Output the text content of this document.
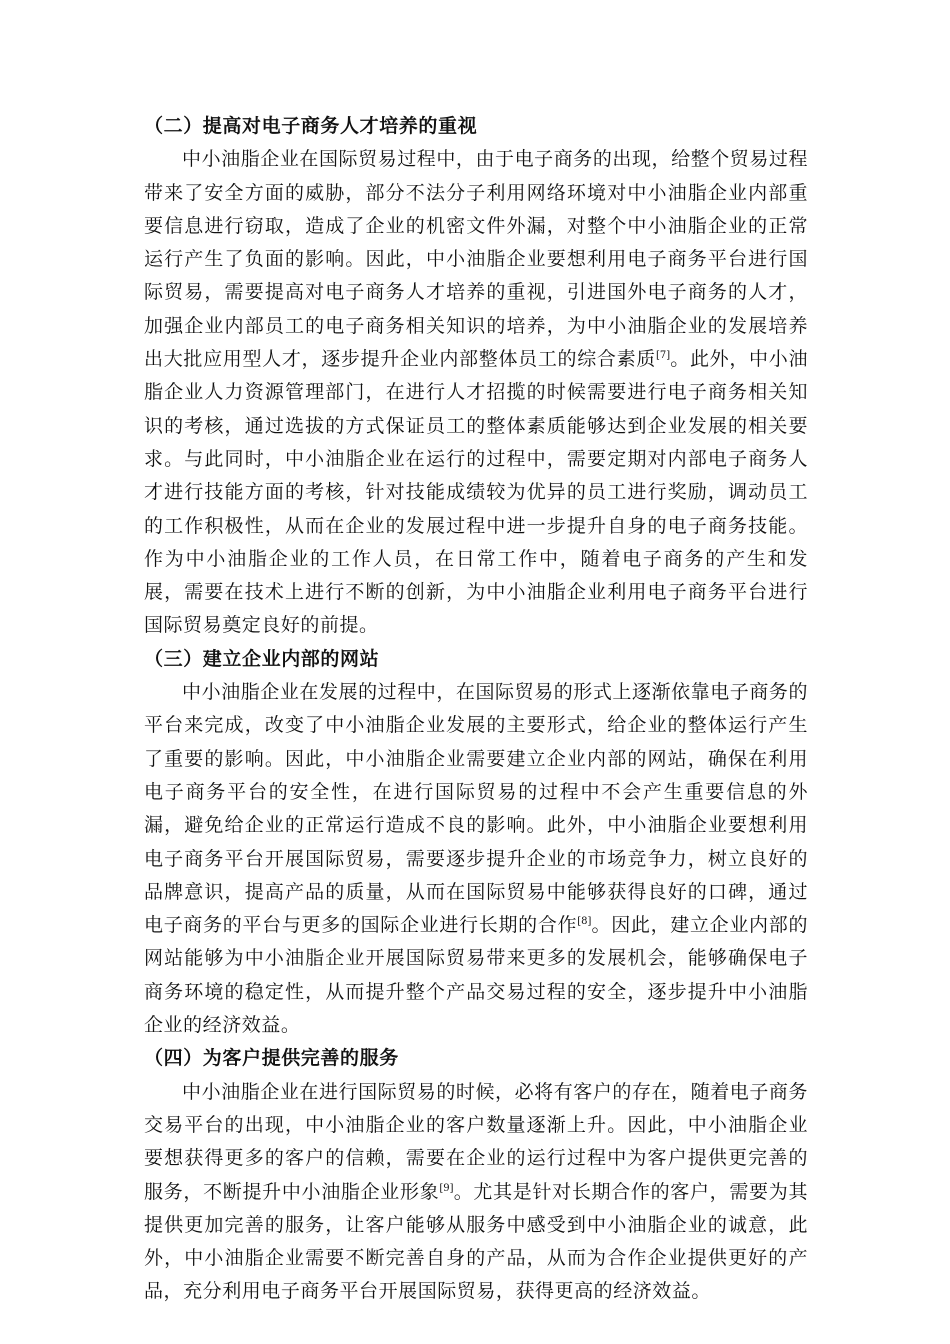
（二）提高对电子商务人才培养的重视

中小油脂企业在国际贸易过程中，由于电子商务的出现，给整个贸易过程带来了安全方面的威胁，部分不法分子利用网络环境对中小油脂企业内部重要信息进行窃取，造成了企业的机密文件外漏，对整个中小油脂企业的正常运行产生了负面的影响。因此，中小油脂企业要想利用电子商务平台进行国际贸易，需要提高对电子商务人才培养的重视，引进国外电子商务的人才，加强企业内部员工的电子商务相关知识的培养，为中小油脂企业的发展培养出大批应用型人才，逐步提升企业内部整体员工的综合素质[7]。此外，中小油脂企业人力资源管理部门，在进行人才招揽的时候需要进行电子商务相关知识的考核，通过选拔的方式保证员工的整体素质能够达到企业发展的相关要求。与此同时，中小油脂企业在运行的过程中，需要定期对内部电子商务人才进行技能方面的考核，针对技能成绩较为优异的员工进行奖励，调动员工的工作积极性，从而在企业的发展过程中进一步提升自身的电子商务技能。作为中小油脂企业的工作人员，在日常工作中，随着电子商务的产生和发展，需要在技术上进行不断的创新，为中小油脂企业利用电子商务平台进行国际贸易奠定良好的前提。

（三）建立企业内部的网站

中小油脂企业在发展的过程中，在国际贸易的形式上逐渐依靠电子商务的平台来完成，改变了中小油脂企业发展的主要形式，给企业的整体运行产生了重要的影响。因此，中小油脂企业需要建立企业内部的网站，确保在利用电子商务平台的安全性，在进行国际贸易的过程中不会产生重要信息的外漏，避免给企业的正常运行造成不良的影响。此外，中小油脂企业要想利用电子商务平台开展国际贸易，需要逐步提升企业的市场竞争力，树立良好的品牌意识，提高产品的质量，从而在国际贸易中能够获得良好的口碑，通过电子商务的平台与更多的国际企业进行长期的合作[8]。因此，建立企业内部的网站能够为中小油脂企业开展国际贸易带来更多的发展机会，能够确保电子商务环境的稳定性，从而提升整个产品交易过程的安全，逐步提升中小油脂企业的经济效益。

（四）为客户提供完善的服务

中小油脂企业在进行国际贸易的时候，必将有客户的存在，随着电子商务交易平台的出现，中小油脂企业的客户数量逐渐上升。因此，中小油脂企业要想获得更多的客户的信赖，需要在企业的运行过程中为客户提供更完善的服务，不断提升中小油脂企业形象[9]。尤其是针对长期合作的客户，需要为其提供更加完善的服务，让客户能够从服务中感受到中小油脂企业的诚意，此外，中小油脂企业需要不断完善自身的产品，从而为合作企业提供更好的产品，充分利用电子商务平台开展国际贸易，获得更高的经济效益。
